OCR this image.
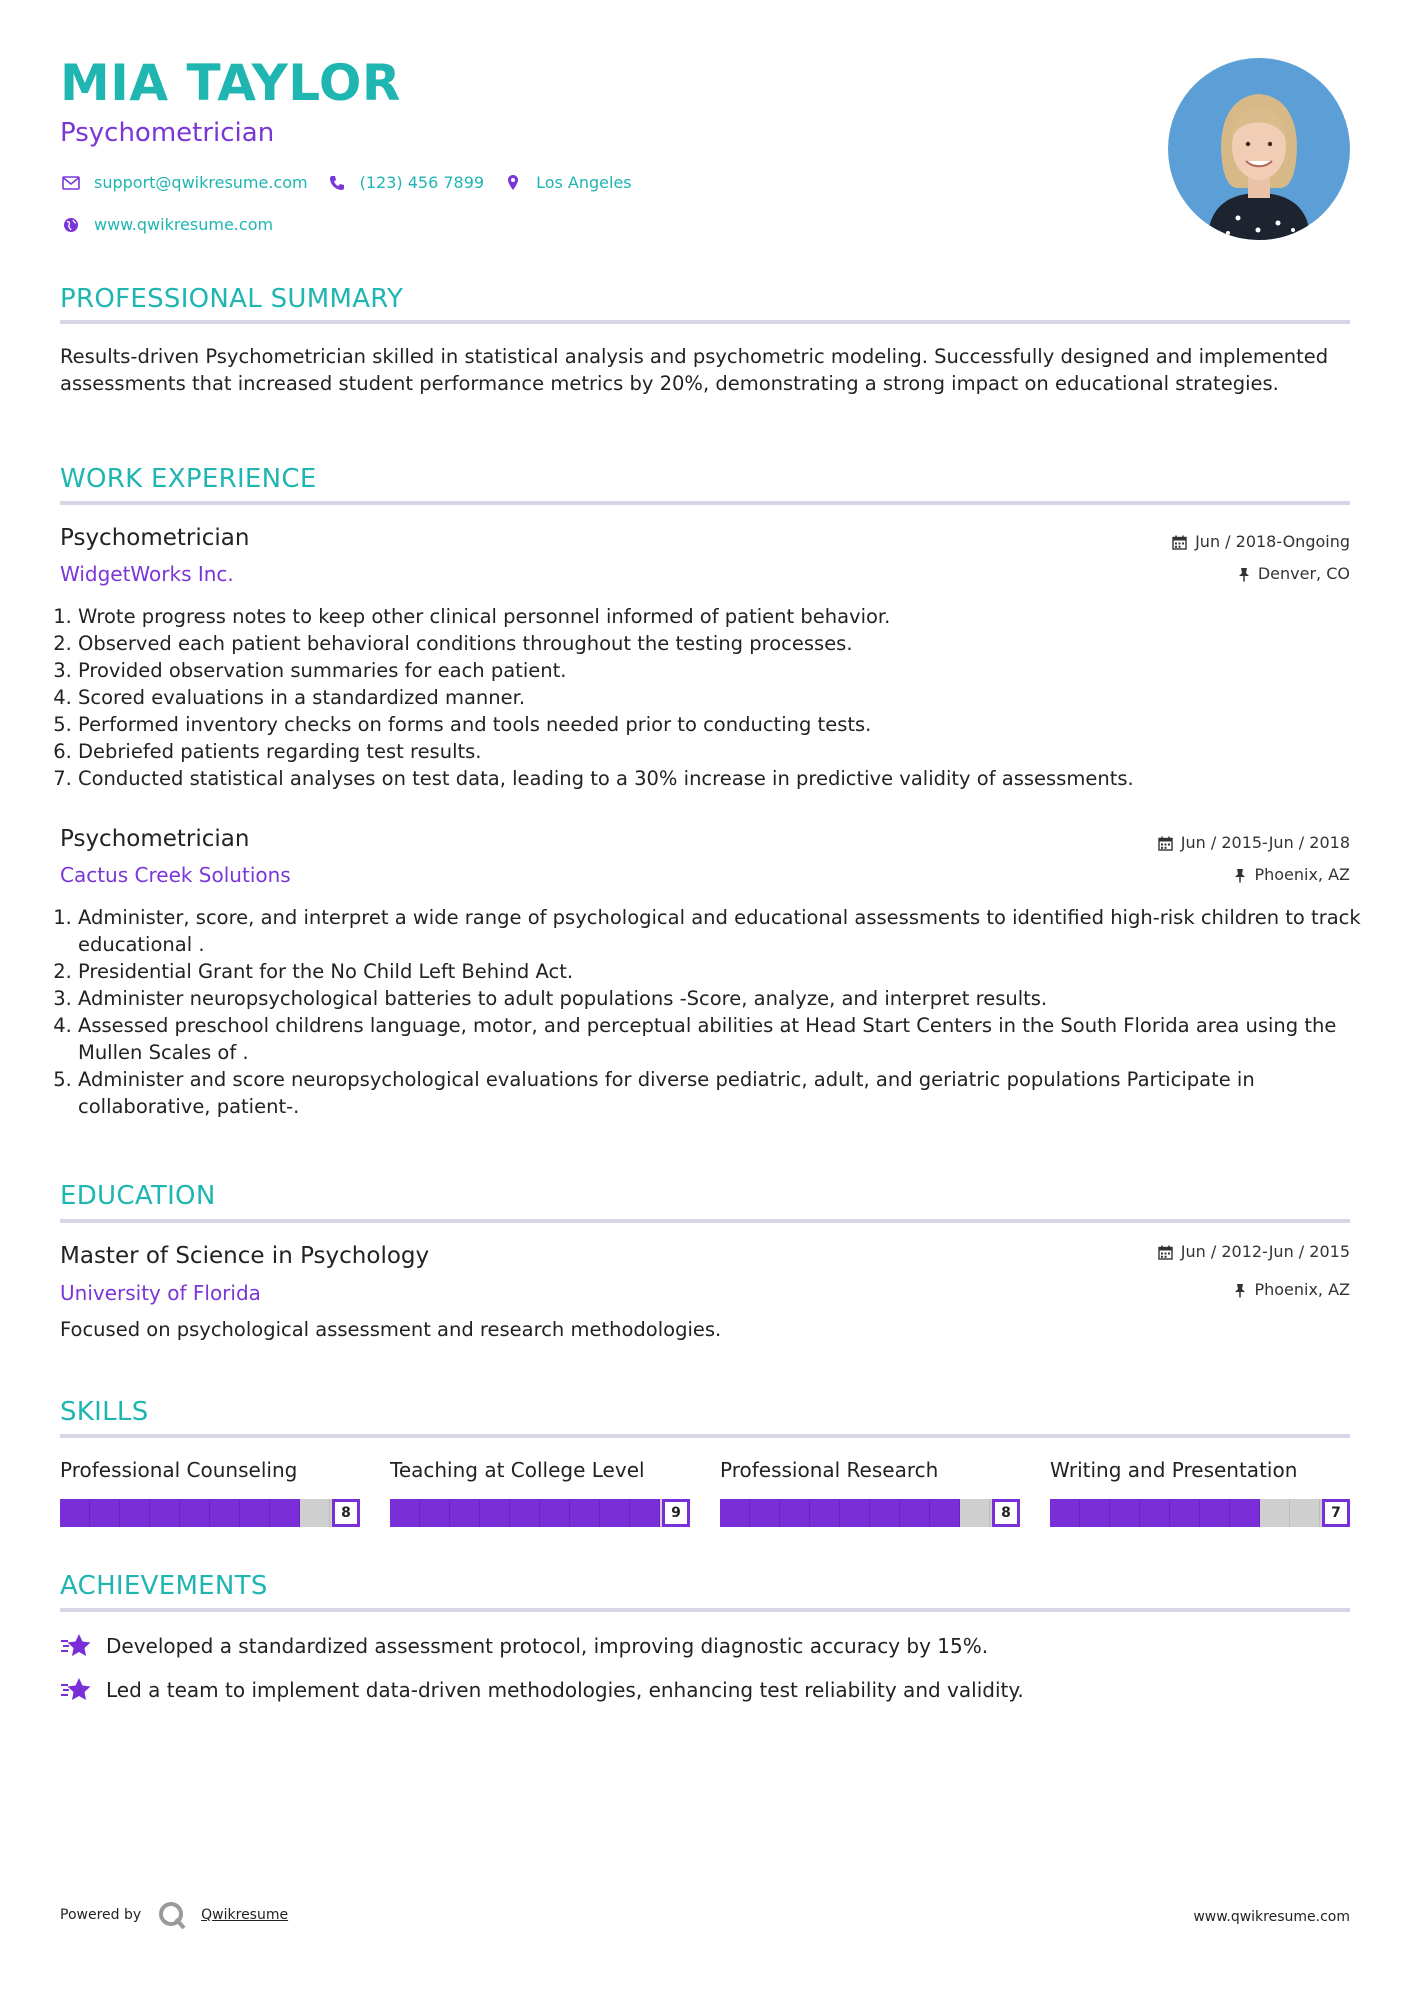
MIA TAYLOR
Psychometrician
support@qwikresume.com	(123) 456 7899	Los Angeles
www.qwikresume.com
PROFESSIONAL SUMMARY

Results-driven Psychometrician skilled in statistical analysis and psychometric modeling. Successfully designed and implemented assessments that increased student performance metrics by 20%, demonstrating a strong impact on educational strategies.

WORK EXPERIENCE
Psychometrician	Jun / 2018-Ongoing
WidgetWorks Inc.	Denver, CO
1. Wrote progress notes to keep other clinical personnel informed of patient behavior.
2. Observed each patient behavioral conditions throughout the testing processes.
3. Provided observation summaries for each patient.
4. Scored evaluations in a standardized manner.
5. Performed inventory checks on forms and tools needed prior to conducting tests.
6. Debriefed patients regarding test results.
7. Conducted statistical analyses on test data, leading to a 30% increase in predictive validity of assessments.
Psychometrician	Jun / 2015-Jun / 2018
Cactus Creek Solutions	Phoenix, AZ
1. Administer, score, and interpret a wide range of psychological and educational assessments to identified high-risk children to track educational .
2. Presidential Grant for the No Child Left Behind Act.
3. Administer neuropsychological batteries to adult populations -Score, analyze, and interpret results.
4. Assessed preschool childrens language, motor, and perceptual abilities at Head Start Centers in the South Florida area using the Mullen Scales of .
5. Administer and score neuropsychological evaluations for diverse pediatric, adult, and geriatric populations Participate in collaborative, patient-.
EDUCATION
Master of Science in Psychology	Jun / 2012-Jun / 2015
University of Florida	Phoenix, AZ

Focused on psychological assessment and research methodologies.

SKILLS
Professional Counseling
8
Teaching at College Level
9
Professional Research
8
Writing and Presentation
7
ACHIEVEMENTS
Developed a standardized assessment protocol, improving diagnostic accuracy by 15%.
Led a team to implement data-driven methodologies, enhancing test reliability and validity.
Powered by	Qwikresume	www.qwikresume.com
